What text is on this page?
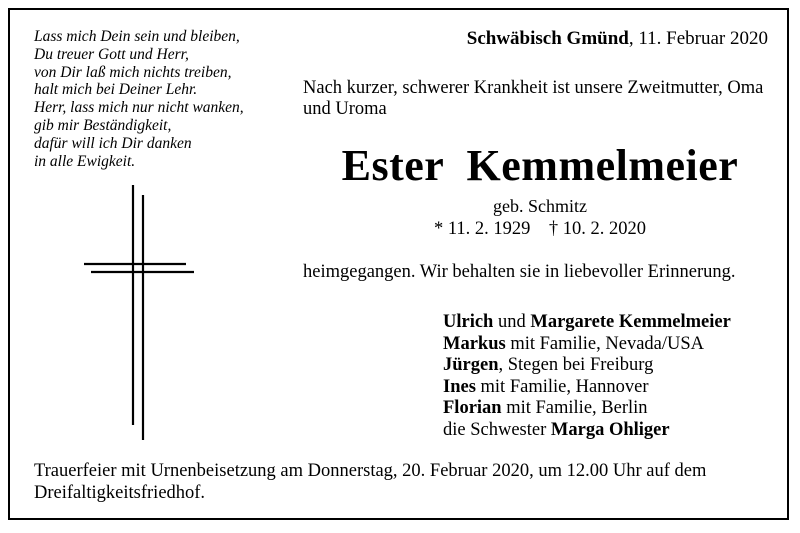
Lass mich Dein sein und bleiben,
Du treuer Gott und Herr,
von Dir laß mich nichts treiben,
halt mich bei Deiner Lehr.
Herr, lass mich nur nicht wanken,
gib mir Beständigkeit,
dafür will ich Dir danken
in alle Ewigkeit.
Schwäbisch Gmünd, 11. Februar 2020
Nach kurzer, schwerer Krankheit ist unsere Zweitmutter, Oma und Uroma
Ester  Kemmelmeier
geb. Schmitz
* 11. 2. 1929    † 10. 2. 2020
heimgegangen. Wir behalten sie in liebevoller Erinnerung.
Ulrich und Margarete Kemmelmeier
Markus mit Familie, Nevada/USA
Jürgen, Stegen bei Freiburg
Ines mit Familie, Hannover
Florian mit Familie, Berlin
die Schwester Marga Ohliger
Trauerfeier mit Urnenbeisetzung am Donnerstag, 20. Februar 2020, um 12.00 Uhr auf dem Dreifaltigkeitsfriedhof.
